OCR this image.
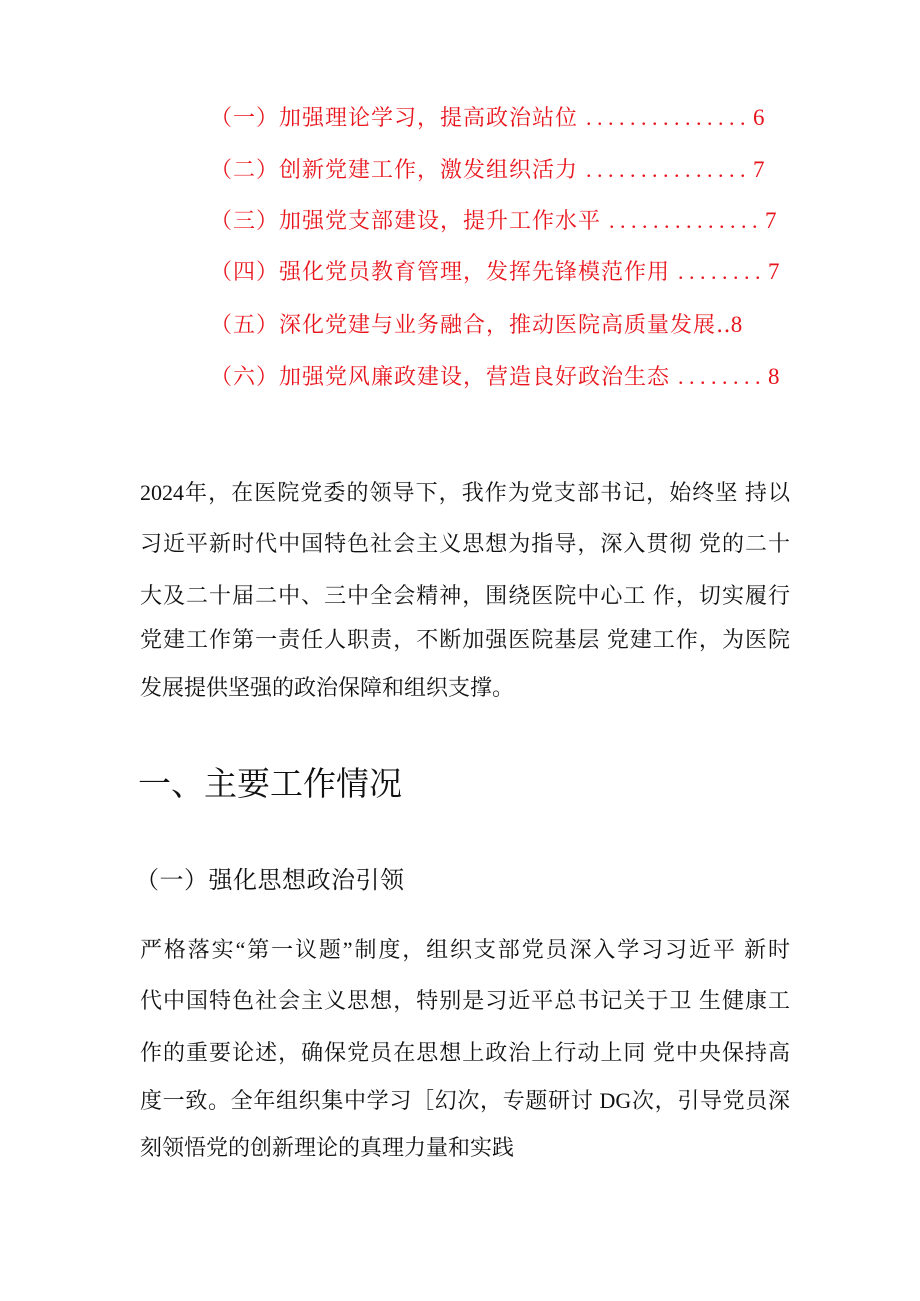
（一）加强理论学习，提高政治站位 ...............6
（二）创新党建工作，激发组织活力 ...............7
（三）加强党支部建设，提升工作水平 ..............7
（四）强化党员教育管理，发挥先锋模范作用 ........7
（五）深化党建与业务融合，推动医院高质量发展‥8
（六）加强党风廉政建设，营造良好政治生态 ........8
2024年，在医院党委的领导下，我作为党支部书记，始终坚 持以
习近平新时代中国特色社会主义思想为指导，深入贯彻 党的二十
大及二十届二中、三中全会精神，围绕医院中心工 作，切实履行
党建工作第一责任人职责，不断加强医院基层 党建工作，为医院
发展提供坚强的政治保障和组织支撑。
一、主要工作情况
（一）强化思想政治引领
严格落实“第一议题”制度，组织支部党员深入学习习近平 新时
代中国特色社会主义思想，特别是习近平总书记关于卫 生健康工
作的重要论述，确保党员在思想上政治上行动上同 党中央保持高
度一致。全年组织集中学习［幻次，专题研讨 DG次，引导党员深
刻领悟党的创新理论的真理力量和实践
